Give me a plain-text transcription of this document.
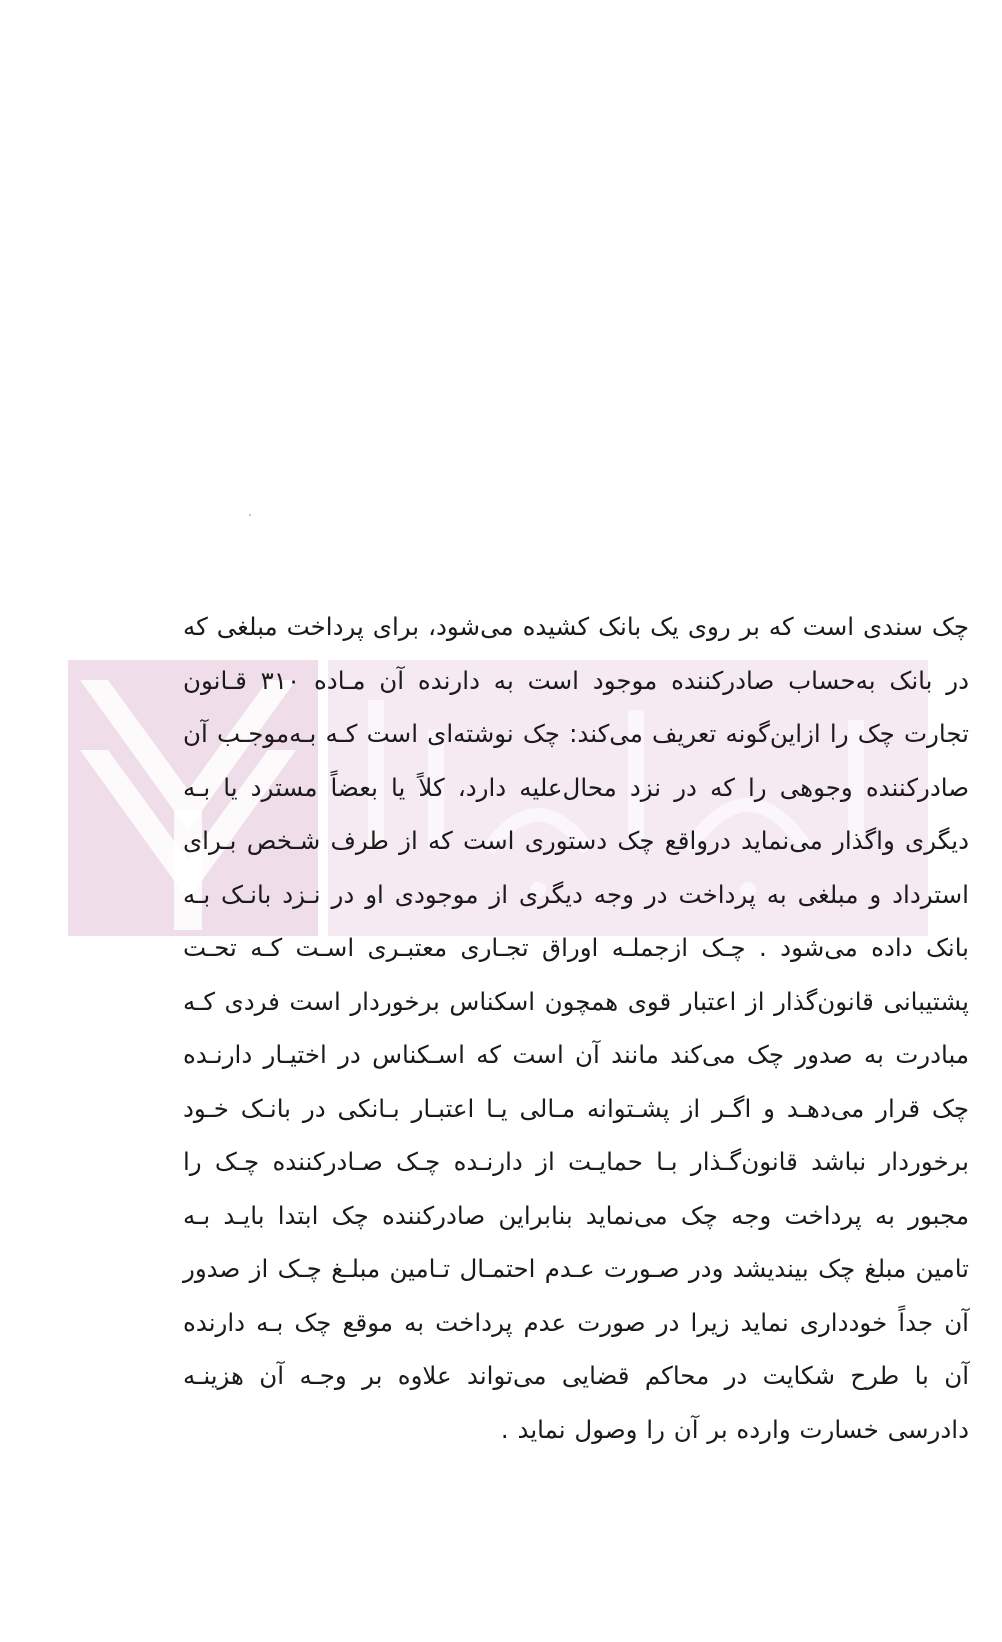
چک سندی است که بر روی یک بانک کشیده می‌شود، برای پرداخت مبلغی که در بانک به‌حساب صادرکننده موجود است به دارنده آن مـاده ۳۱۰ قـانون تجارت چک را ازاین‌گونه تعریف می‌کند: چک نوشته‌ای است کـه بـه‌موجـب آن صادرکننده وجوهی را که در نزد محال‌علیه دارد، کلاً یا بعضاً مسترد یا بـه دیگری واگذار می‌نماید درواقع چک دستوری است که از طرف شـخص بـرای استرداد و مبلغی به پرداخت در وجه دیگری از موجودی او در نـزد بانـک بـه بانک داده می‌شود . چـک ازجملـه اوراق تجـاری معتبـری اسـت کـه تحـت پشتیبانی قانون‌گذار از اعتبار قوی همچون اسکناس برخوردار است فردی کـه مبادرت به صدور چک می‌کند مانند آن است که اسـکناس در اختیـار دارنـده چک قرار می‌دهـد و اگـر از پشـتوانه مـالی یـا اعتبـار بـانکی در بانـک خـود برخوردار نباشد قانون‌گـذار بـا حمایـت از دارنـده چـک صـادرکننده چـک را مجبور به پرداخت وجه چک می‌نماید بنابراین صادرکننده چک ابتدا بایـد بـه تامین مبلغ چک بیندیشد ودر صـورت عـدم احتمـال تـامین مبلـغ چـک از صدور آن جداً خودداری نماید زیرا در صورت عدم پرداخت به موقع چک بـه دارنده آن با طرح شکایت در محاکم قضایی می‌تواند علاوه بر وجـه آن هزینـه دادرسی خسارت وارده بر آن را وصول نماید .
